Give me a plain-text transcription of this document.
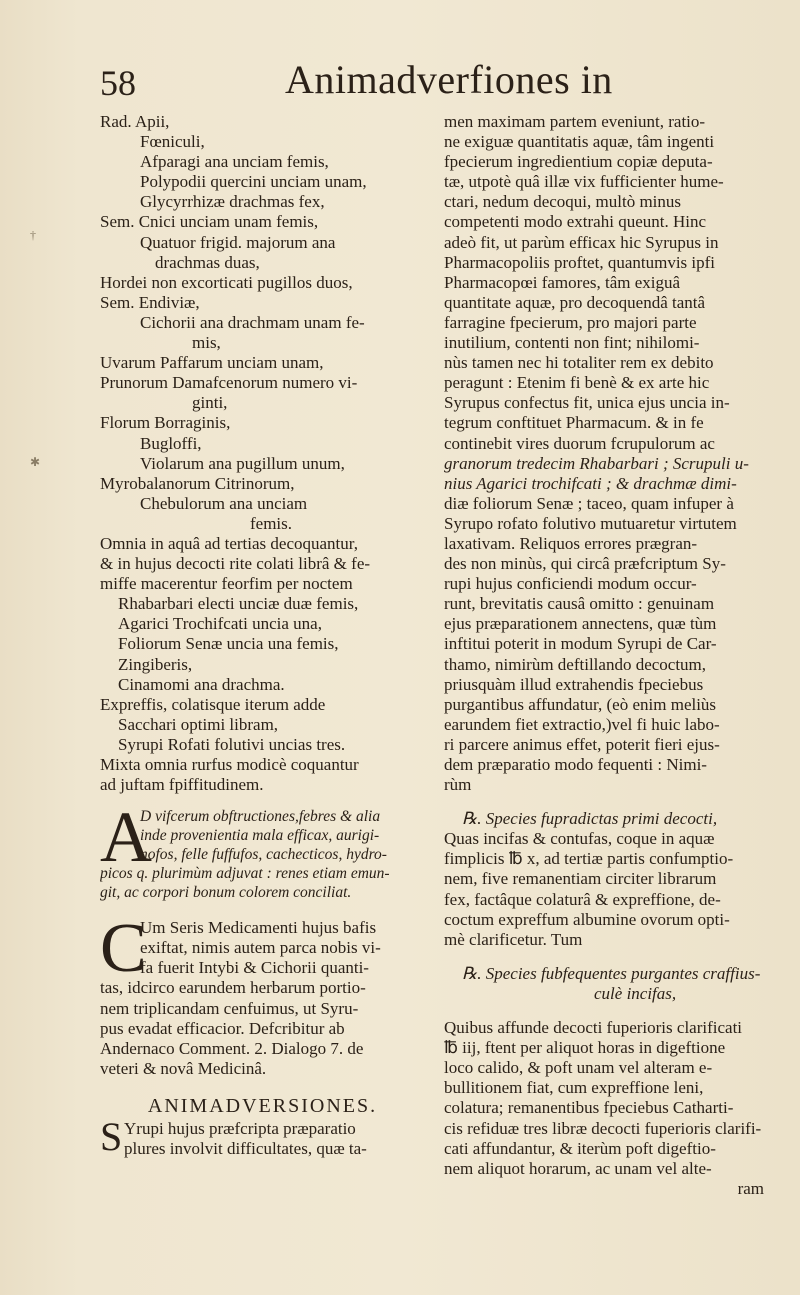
58	Animadverfiones in
†
✱
Rad. Apii,
Fœniculi,
Afparagi ana unciam femis,
Polypodii quercini unciam unam,
Glycyrrhizæ drachmas fex,
Sem. Cnici unciam unam femis,
Quatuor frigid. majorum ana
drachmas duas,
Hordei non excorticati pugillos duos,
Sem. Endiviæ,
Cichorii ana drachmam unam fe-
mis,
Uvarum Paffarum unciam unam,
Prunorum Damafcenorum numero vi-
ginti,
Florum Borraginis,
Bugloffi,
Violarum ana pugillum unum,
Myrobalanorum Citrinorum,
Chebulorum ana unciam
femis.
Omnia in aquâ ad tertias decoquantur,
& in hujus decocti rite colati librâ & fe-
miffe macerentur feorfim per noctem
Rhabarbari electi unciæ duæ femis,
Agarici Trochifcati uncia una,
Foliorum Senæ uncia una femis,
Zingiberis,
Cinamomi ana drachma.
Expreffis, colatisque iterum adde
Sacchari optimi libram,
Syrupi Rofati folutivi uncias tres.
Mixta omnia rurfus modicè coquantur
ad juftam fpiffitudinem.
A
D vifcerum obftructiones,febres & alia
inde provenientia mala efficax, aurigi-
nofos, felle fuffufos, cachecticos, hydro-
picos q. plurimùm adjuvat : renes etiam emun-
git, ac corpori bonum colorem conciliat.
C
Um Seris Medicamenti hujus bafis
exiftat, nimis autem parca nobis vi-
fa fuerit Intybi & Cichorii quanti-
tas, idcirco earundem herbarum portio-
nem triplicandam cenfuimus, ut Syru-
pus evadat efficacior. Defcribitur ab
Andernaco Comment. 2. Dialogo 7. de
veteri & novâ Medicinâ.
ANIMADVERSIONES.
S Yrupi hujus præfcripta præparatio
plures involvit difficultates, quæ ta-
men maximam partem eveniunt, ratio-
ne exiguæ quantitatis aquæ, tâm ingenti
fpecierum ingredientium copiæ deputa-
tæ, utpotè quâ illæ vix fufficienter hume-
ctari, nedum decoqui, multò minus
competenti modo extrahi queunt. Hinc
adeò fit, ut parùm efficax hic Syrupus in
Pharmacopoliis proftet, quantumvis ipfi
Pharmacopœi famores, tâm exiguâ
quantitate aquæ, pro decoquendâ tantâ
farragine fpecierum, pro majori parte
inutilium, contenti non fint; nihilomi-
nùs tamen nec hi totaliter rem ex debito
peragunt : Etenim fi benè & ex arte hic
Syrupus confectus fit, unica ejus uncia in-
tegrum conftituet Pharmacum. & in fe
continebit vires duorum fcrupulorum ac
granorum tredecim Rhabarbari ; Scrupuli u-
nius Agarici trochifcati ; & drachmæ dimi-
diæ foliorum Senæ ; taceo, quam infuper à
Syrupo rofato folutivo mutuaretur virtutem
laxativam. Reliquos errores prægran-
des non minùs, qui circâ præfcriptum Sy-
rupi hujus conficiendi modum occur-
runt, brevitatis causâ omitto : genuinam
ejus præparationem annectens, quæ tùm
inftitui poterit in modum Syrupi de Car-
thamo, nimirùm deftillando decoctum,
priusquàm illud extrahendis fpeciebus
purgantibus affundatur, (eò enim meliùs
earundem fiet extractio,)vel fi huic labo-
ri parcere animus effet, poterit fieri ejus-
dem præparatio modo fequenti : Nimi-
rùm
℞. Species fupradictas primi decocti,
Quas incifas & contufas, coque in aquæ
fimplicis ℔ x, ad tertiæ partis confumptio-
nem, five remanentiam circiter librarum
fex, factâque colaturâ & expreffione, de-
coctum expreffum albumine ovorum opti-
mè clarificetur. Tum
℞. Species fubfequentes purgantes craffius-
culè incifas,
Quibus affunde decocti fuperioris clarificati
℔ iij, ftent per aliquot horas in digeftione
loco calido, & poft unam vel alteram e-
bullitionem fiat, cum expreffione leni,
colatura; remanentibus fpeciebus Catharti-
cis refiduæ tres libræ decocti fuperioris clarifi-
cati affundantur, & iterùm poft digeftio-
nem aliquot horarum, ac unam vel alte-
ram
